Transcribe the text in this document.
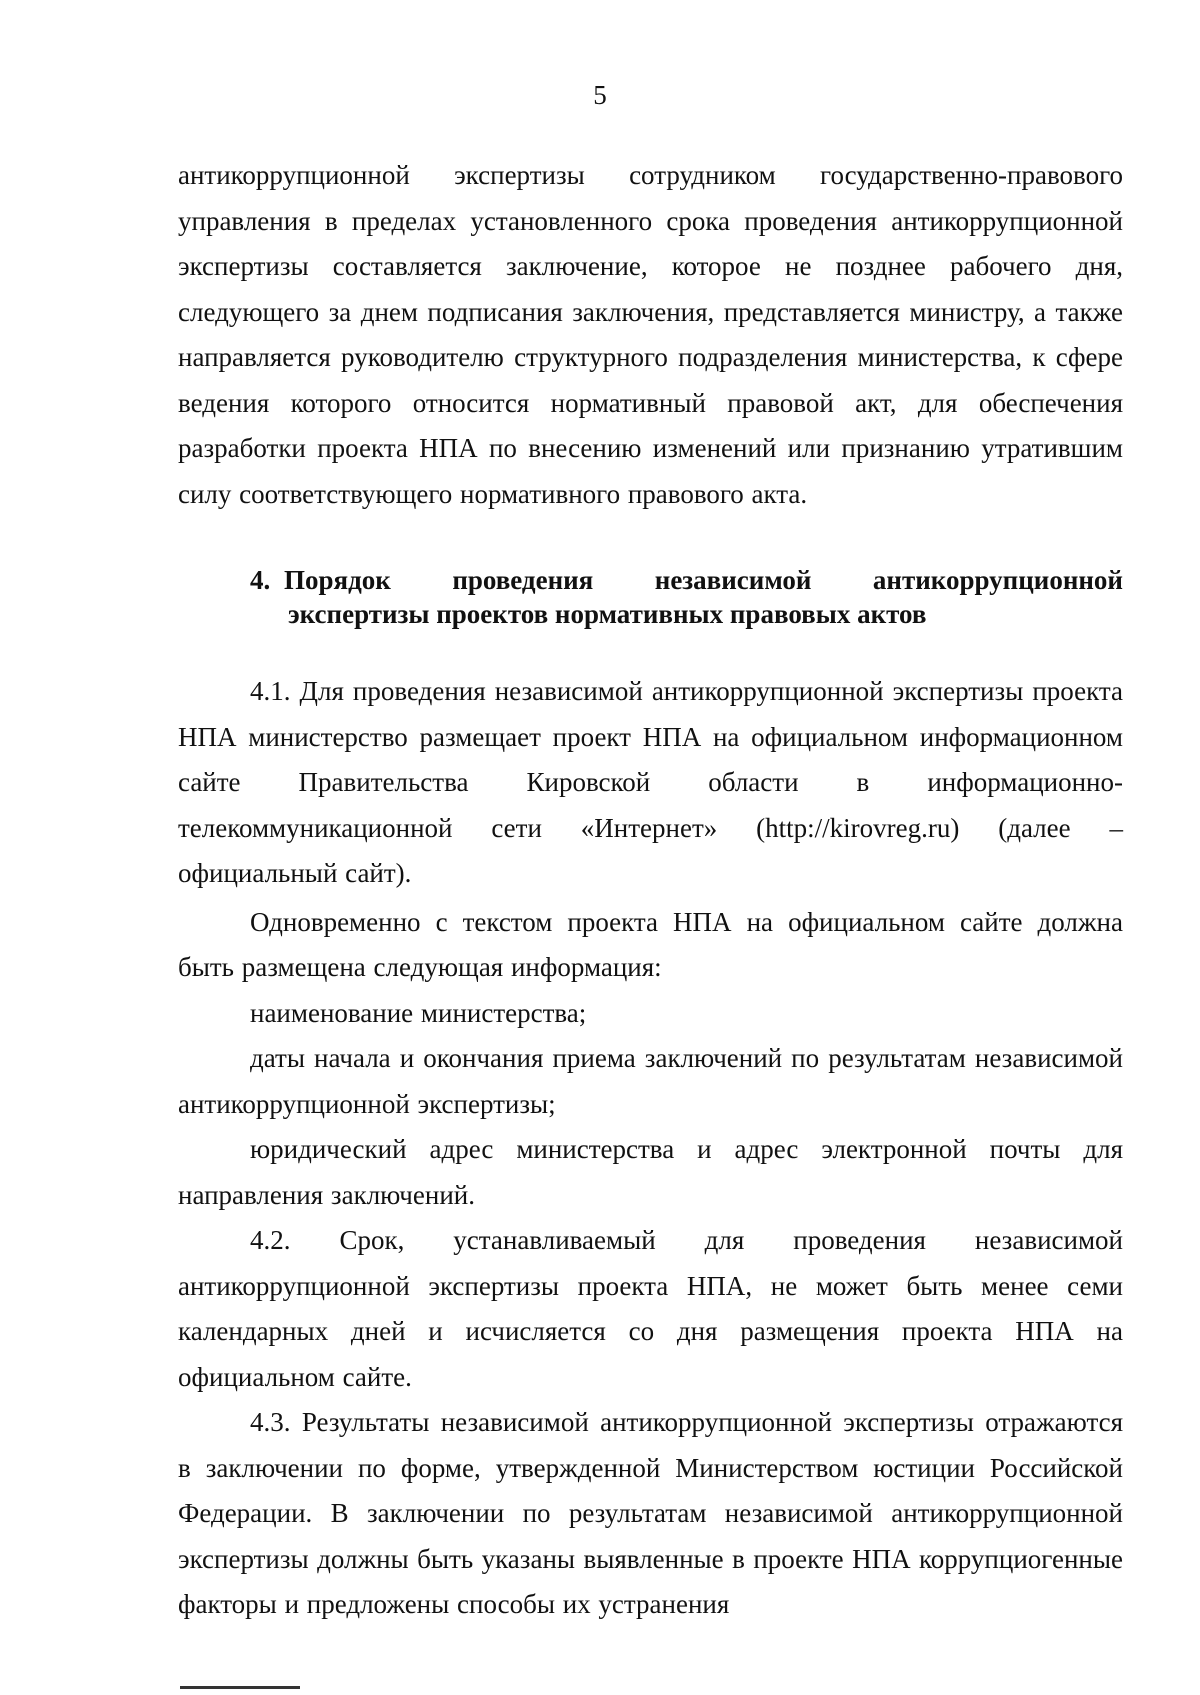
5

антикоррупционной экспертизы сотрудником государственно-правового управления в пределах установленного срока проведения антикоррупционной экспертизы составляется заключение, которое не позднее рабочего дня, следующего за днем подписания заключения, представляется министру, а также направляется руководителю структурного подразделения министерства, к сфере ведения которого относится нормативный правовой акт, для обеспечения разработки проекта НПА по внесению изменений или признанию утратившим силу соответствующего нормативного правового акта.

4. Порядок проведения независимой антикоррупционной
экспертизы проектов нормативных правовых актов

4.1. Для проведения независимой антикоррупционной экспертизы проекта НПА министерство размещает проект НПА на официальном информационном сайте Правительства Кировской области в информационно-телекоммуникационной сети «Интернет» (http://kirovreg.ru) (далее – официальный сайт).

Одновременно с текстом проекта НПА на официальном сайте должна быть размещена следующая информация:

наименование министерства;

даты начала и окончания приема заключений по результатам независимой антикоррупционной экспертизы;

юридический адрес министерства и адрес электронной почты для направления заключений.

4.2. Срок, устанавливаемый для проведения независимой антикоррупционной экспертизы проекта НПА, не может быть менее семи календарных дней и исчисляется со дня размещения проекта НПА на официальном сайте.

4.3. Результаты независимой антикоррупционной экспертизы отражаются в заключении по форме, утвержденной Министерством юстиции Российской Федерации. В заключении по результатам независимой антикоррупционной экспертизы должны быть указаны выявленные в проекте НПА коррупциогенные факторы и предложены способы их устранения
